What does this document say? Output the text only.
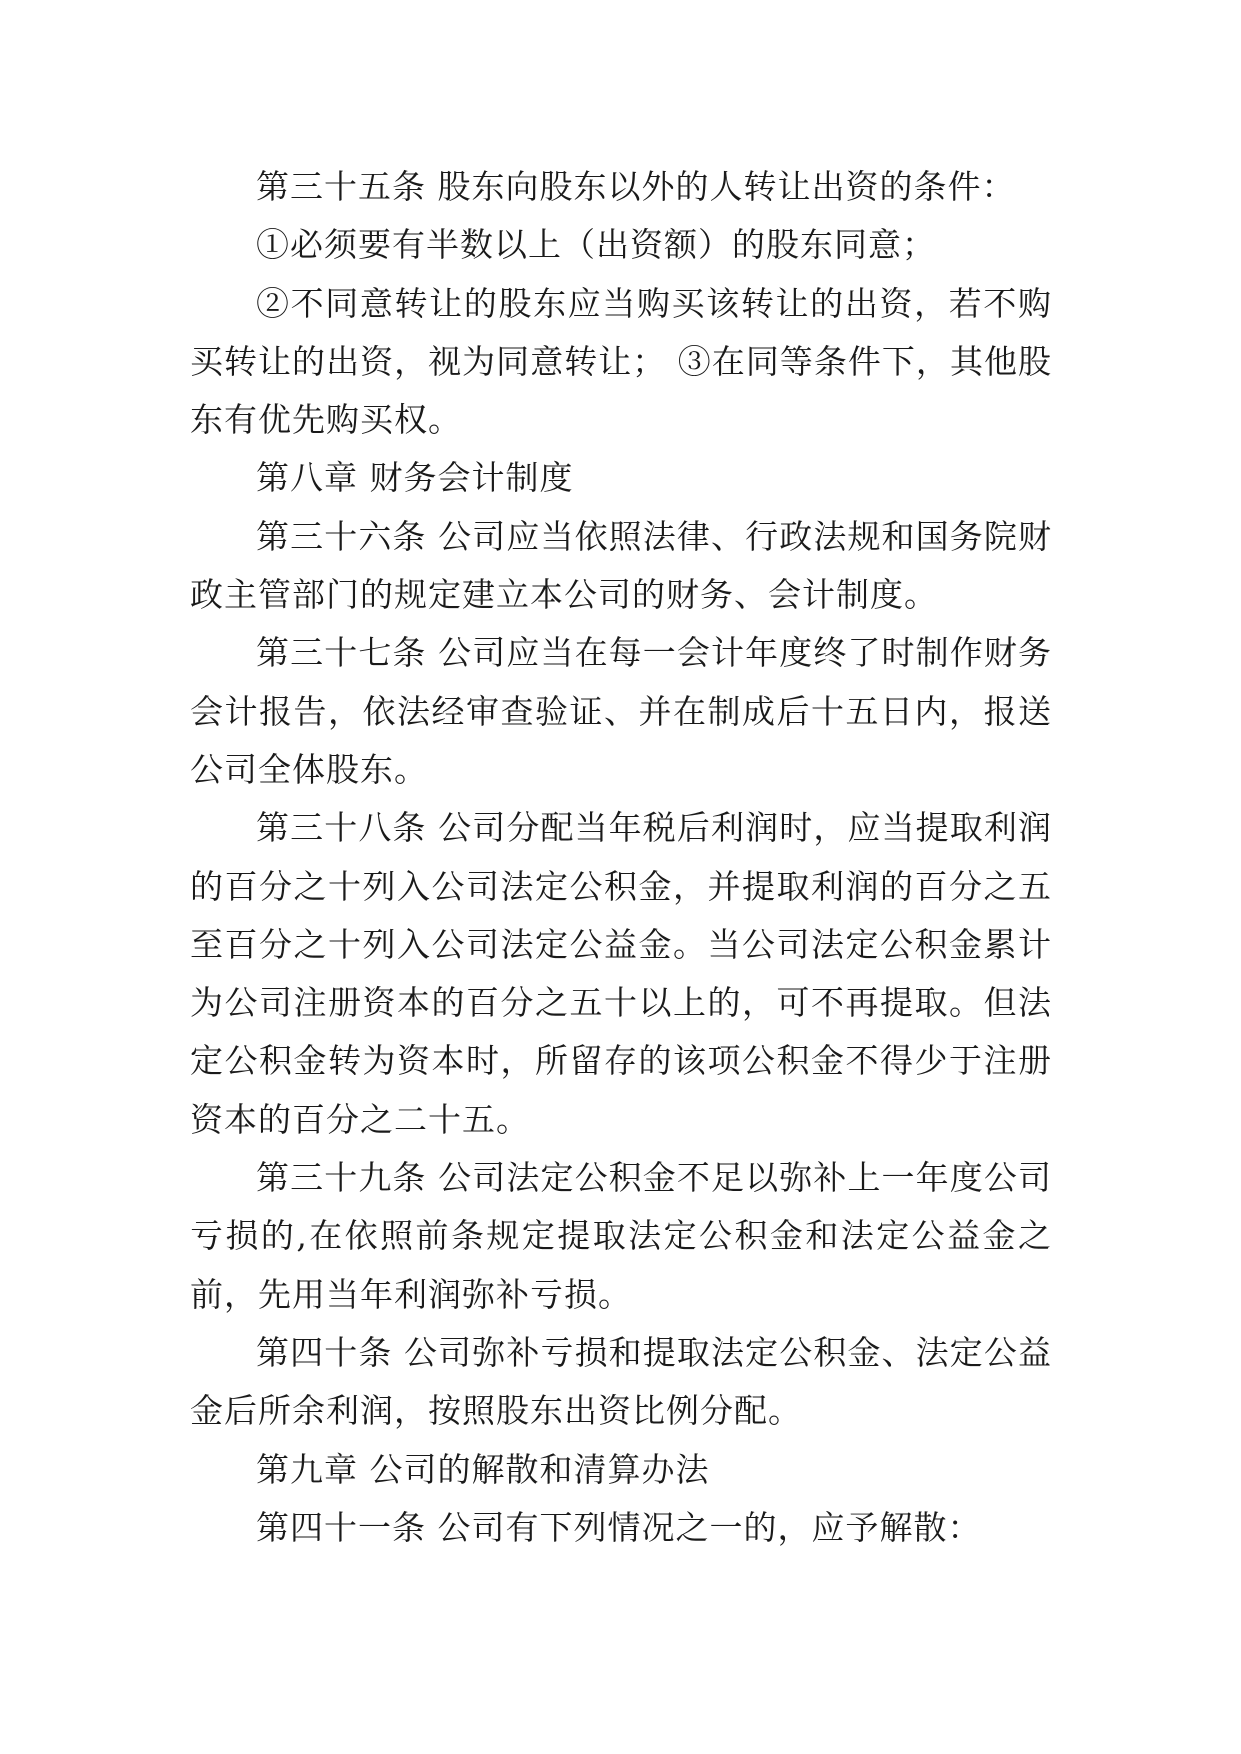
第三十五条 股东向股东以外的人转让出资的条件：

①必须要有半数以上（出资额）的股东同意；

②不同意转让的股东应当购买该转让的出资，若不购买转让的出资，视为同意转让； ③在同等条件下，其他股东有优先购买权。

第八章 财务会计制度

第三十六条 公司应当依照法律、行政法规和国务院财政主管部门的规定建立本公司的财务、会计制度。

第三十七条 公司应当在每一会计年度终了时制作财务会计报告，依法经审查验证、并在制成后十五日内，报送公司全体股东。

第三十八条 公司分配当年税后利润时，应当提取利润的百分之十列入公司法定公积金，并提取利润的百分之五至百分之十列入公司法定公益金。当公司法定公积金累计为公司注册资本的百分之五十以上的，可不再提取。但法定公积金转为资本时，所留存的该项公积金不得少于注册资本的百分之二十五。

第三十九条 公司法定公积金不足以弥补上一年度公司亏损的,在依照前条规定提取法定公积金和法定公益金之前，先用当年利润弥补亏损。

第四十条 公司弥补亏损和提取法定公积金、法定公益金后所余利润，按照股东出资比例分配。

第九章 公司的解散和清算办法

第四十一条 公司有下列情况之一的，应予解散：
